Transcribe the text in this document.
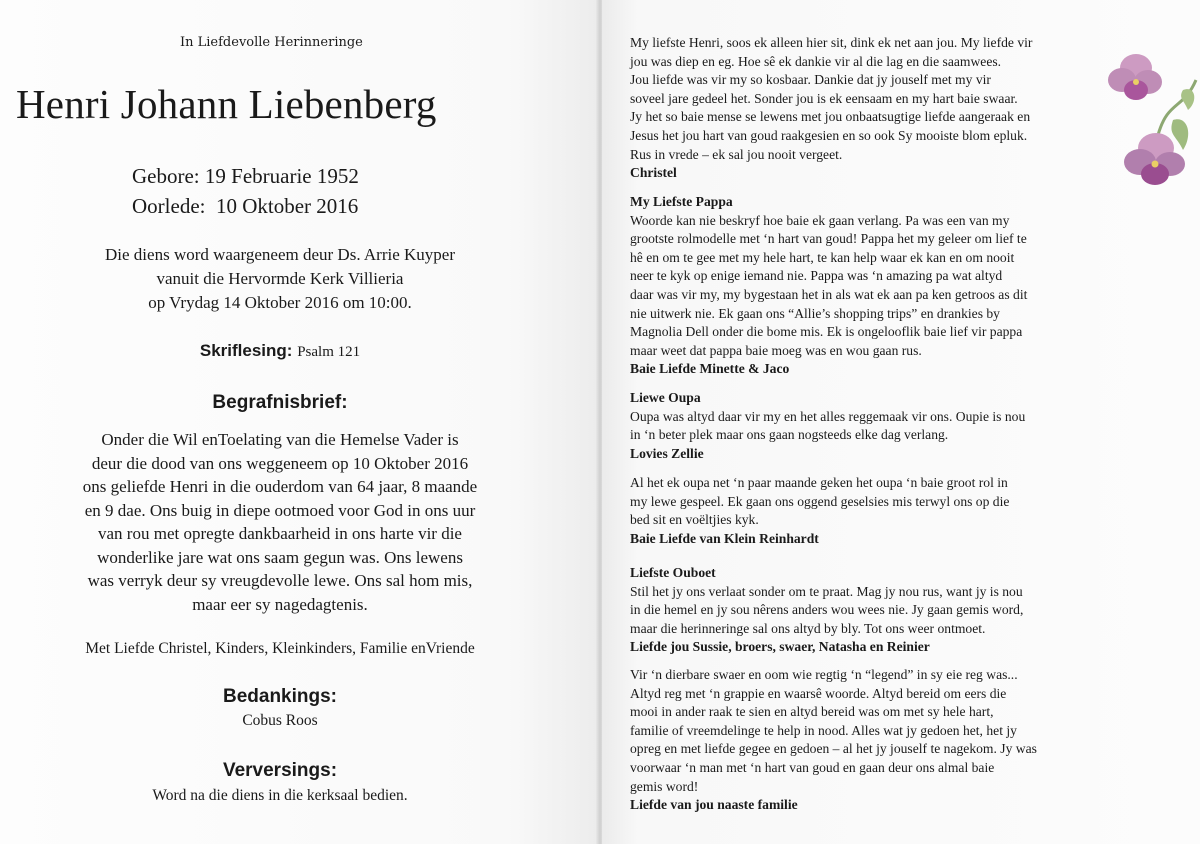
In Liefdevolle Herinneringe
Henri Johann Liebenberg
Gebore: 19 Februarie 1952
Oorlede:  10 Oktober 2016
Die diens word waargeneem deur Ds. Arrie Kuyper
vanuit die Hervormde Kerk Villieria
op Vrydag 14 Oktober 2016 om 10:00.
Skriflesing: Psalm 121
Begrafnisbrief:
Onder die Wil enToelating van die Hemelse Vader is
deur die dood van ons weggeneem op 10 Oktober 2016
ons geliefde Henri in die ouderdom van 64 jaar, 8 maande
en 9 dae. Ons buig in diepe ootmoed voor God in ons uur
van rou met opregte dankbaarheid in ons harte vir die
wonderlike jare wat ons saam gegun was. Ons lewens
was verryk deur sy vreugdevolle lewe. Ons sal hom mis,
maar eer sy nagedagtenis.
Met Liefde Christel, Kinders, Kleinkinders, Familie enVriende
Bedankings:
Cobus Roos
Verversings:
Word na die diens in die kerksaal bedien.

My liefste Henri, soos ek alleen hier sit, dink ek net aan jou. My liefde vir

jou was diep en eg. Hoe sê ek dankie vir al die lag en die saamwees.

Jou liefde was vir my so kosbaar. Dankie dat jy jouself met my vir

soveel jare gedeel het. Sonder jou is ek eensaam en my hart baie swaar.

Jy het so baie mense se lewens met jou onbaatsugtige liefde aangeraak en

Jesus het jou hart van goud raakgesien en so ook Sy mooiste blom epluk.

Rus in vrede – ek sal jou nooit vergeet.

Christel

My Liefste Pappa

Woorde kan nie beskryf hoe baie ek gaan verlang. Pa was een van my

grootste rolmodelle met ‘n hart van goud! Pappa het my geleer om lief te

hê en om te gee met my hele hart, te kan help waar ek kan en om nooit

neer te kyk op enige iemand nie. Pappa was ‘n amazing pa wat altyd

daar was vir my, my bygestaan het in als wat ek aan pa ken getroos as dit

nie uitwerk nie. Ek gaan ons “Allie’s shopping trips” en drankies by

Magnolia Dell onder die bome mis. Ek is ongelooflik baie lief vir pappa

maar weet dat pappa baie moeg was en wou gaan rus.

Baie Liefde Minette & Jaco

Liewe Oupa

Oupa was altyd daar vir my en het alles reggemaak vir ons. Oupie is nou

in ‘n beter plek maar ons gaan nogsteeds elke dag verlang.

Lovies Zellie

Al het ek oupa net ‘n paar maande geken het oupa ‘n baie groot rol in

my lewe gespeel. Ek gaan ons oggend geselsies mis terwyl ons op die

bed sit en voëltjies kyk.

Baie Liefde van Klein Reinhardt

Liefste Ouboet

Stil het jy ons verlaat sonder om te praat. Mag jy nou rus, want jy is nou

in die hemel en jy sou nêrens anders wou wees nie. Jy gaan gemis word,

maar die herinneringe sal ons altyd by bly. Tot ons weer ontmoet.

Liefde jou Sussie, broers, swaer, Natasha en Reinier

Vir ‘n dierbare swaer en oom wie regtig ‘n “legend” in sy eie reg was...

Altyd reg met ‘n grappie en waarsê woorde. Altyd bereid om eers die

mooi in ander raak te sien en altyd bereid was om met sy hele hart,

familie of vreemdelinge te help in nood. Alles wat jy gedoen het, het jy

opreg en met liefde gegee en gedoen – al het jy jouself te nagekom. Jy was

voorwaar ‘n man met ‘n hart van goud en gaan deur ons almal baie

gemis word!

Liefde van jou naaste familie
